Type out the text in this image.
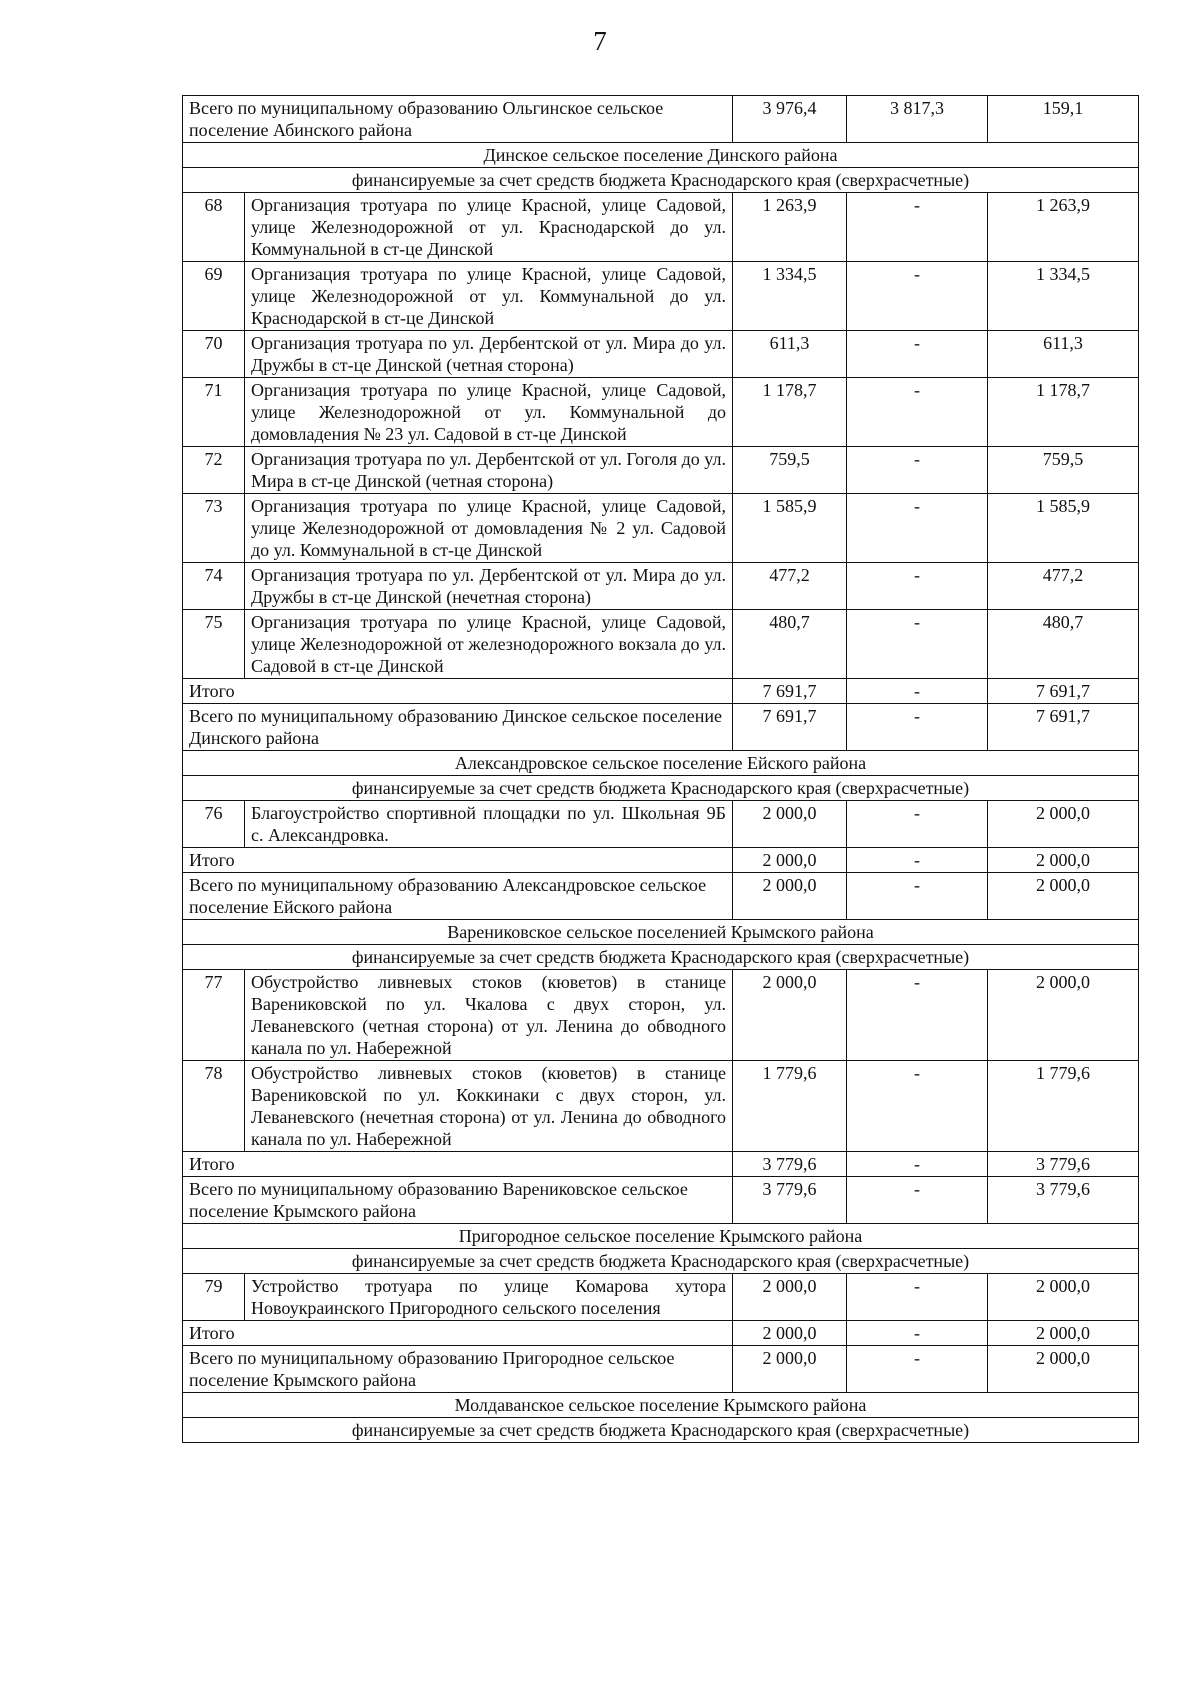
7
Всего по муниципальному образованию Ольгинское сельское поселение Абинского района		3 976,4	3 817,3	159,1
Динское сельское поселение Динского района				
финансируемые за счет средств бюджета Краснодарского края (сверхрасчетные)				
68	Организация тротуара по улице Красной, улице Садовой, улице Железнодорожной от ул. Краснодарской до ул. Коммунальной в ст-це Динской	1 263,9	-	1 263,9
69	Организация тротуара по улице Красной, улице Садовой, улице Железнодорожной от ул. Коммунальной до ул. Краснодарской в ст-це Динской	1 334,5	-	1 334,5
70	Организация тротуара по ул. Дербентской от ул. Мира до ул. Дружбы в ст-це Динской (четная сторона)	611,3	-	611,3
71	Организация тротуара по улице Красной, улице Садовой, улице Железнодорожной от ул. Коммунальной до домовладения № 23 ул. Садовой в ст-це Динской	1 178,7	-	1 178,7
72	Организация тротуара по ул. Дербентской от ул. Гоголя до ул. Мира в ст-це Динской (четная сторона)	759,5	-	759,5
73	Организация тротуара по улице Красной, улице Садовой, улице Железнодорожной от домовладения № 2 ул. Садовой до ул. Коммунальной в ст-це Динской	1 585,9	-	1 585,9
74	Организация тротуара по ул. Дербентской от ул. Мира до ул. Дружбы в ст-це Динской (нечетная сторона)	477,2	-	477,2
75	Организация тротуара по улице Красной, улице Садовой, улице Железнодорожной от железнодорожного вокзала до ул. Садовой в ст-це Динской	480,7	-	480,7
Итого		7 691,7	-	7 691,7
Всего по муниципальному образованию Динское сельское поселение Динского района		7 691,7	-	7 691,7
Александровское сельское поселение Ейского района				
финансируемые за счет средств бюджета Краснодарского края (сверхрасчетные)				
76	Благоустройство спортивной площадки по ул. Школьная 9Б с. Александровка.	2 000,0	-	2 000,0
Итого		2 000,0	-	2 000,0
Всего по муниципальному образованию Александровское сельское поселение Ейского района		2 000,0	-	2 000,0
Варениковское сельское поселенией Крымского района				
финансируемые за счет средств бюджета Краснодарского края (сверхрасчетные)				
77	Обустройство ливневых стоков (кюветов) в станице Варениковской по ул. Чкалова с двух сторон, ул. Леваневского (четная сторона) от ул. Ленина до обводного канала по ул. Набережной	2 000,0	-	2 000,0
78	Обустройство ливневых стоков (кюветов) в станице Варениковской по ул. Коккинаки с двух сторон, ул. Леваневского (нечетная сторона) от ул. Ленина до обводного канала по ул. Набережной	1 779,6	-	1 779,6
Итого		3 779,6	-	3 779,6
Всего по муниципальному образованию Варениковское сельское поселение Крымского района		3 779,6	-	3 779,6
Пригородное сельское поселение Крымского района				
финансируемые за счет средств бюджета Краснодарского края (сверхрасчетные)				
79	Устройство тротуара по улице Комарова хутора Новоукраинского Пригородного сельского поселения	2 000,0	-	2 000,0
Итого		2 000,0	-	2 000,0
Всего по муниципальному образованию Пригородное сельское поселение Крымского района		2 000,0	-	2 000,0
Молдаванское сельское поселение Крымского района				
финансируемые за счет средств бюджета Краснодарского края (сверхрасчетные)				
